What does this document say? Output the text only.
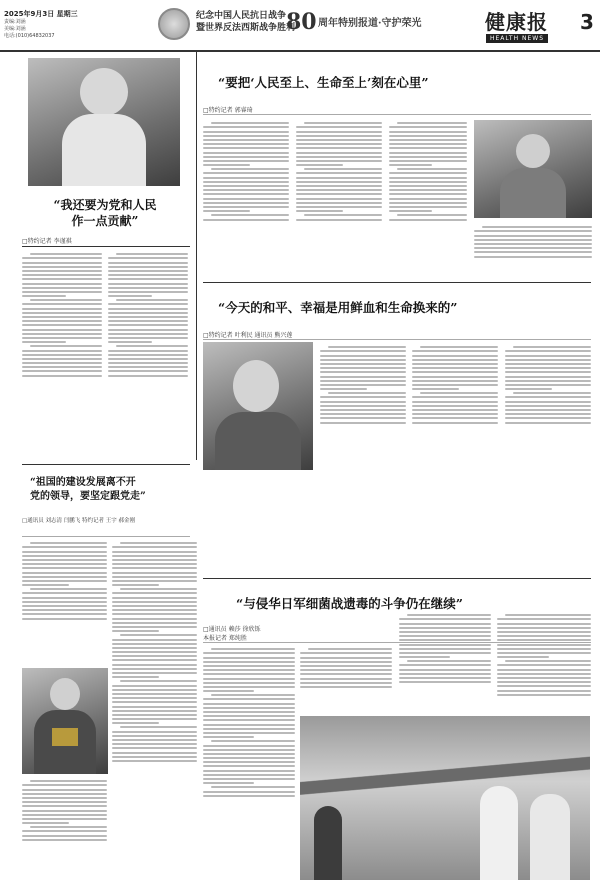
2025年9月3日 星期三
责编:刘涵
美编:刘涵
电话:(010)64832037
纪念中国人民抗日战争
暨世界反法西斯战争胜利
80 周年特别报道·守护荣光	健康报
HEALTH NEWS
3
“我还要为党和人民
作一点贡献”
□特约记者 李谨祺
“要把‘人民至上、生命至上’刻在心里”
□特约记者 郭睿琦
“今天的和平、幸福是用鲜血和生命换来的”
□特约记者 叶利民 通讯员 熊兴莲
“祖国的建设发展离不开
党的领导，要坚定跟党走”
□通讯员 刘志清 闫鹏飞 特约记者 王宇 郝金刚
“与侵华日军细菌战遗毒的斗争仍在继续”
□通讯员 赖莎 徐欣铄
本报记者 郑纯胜
